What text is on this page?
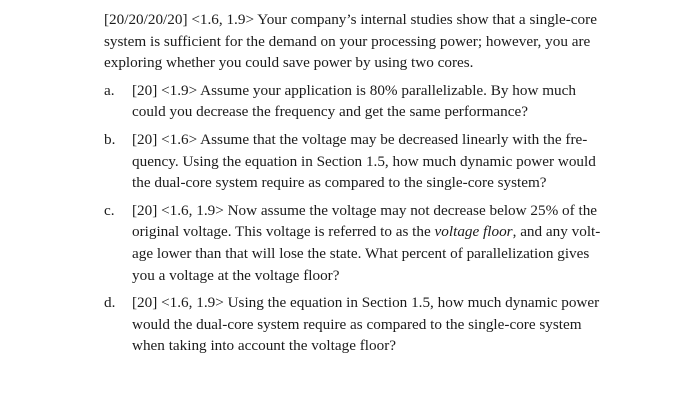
[20/20/20/20] <1.6, 1.9> Your company’s internal studies show that a single-core
system is sufficient for the demand on your processing power; however, you are
exploring whether you could save power by using two cores.
a. [20] <1.9> Assume your application is 80% parallelizable. By how much
could you decrease the frequency and get the same performance?
b. [20] <1.6> Assume that the voltage may be decreased linearly with the fre-
quency. Using the equation in Section 1.5, how much dynamic power would
the dual-core system require as compared to the single-core system?
c. [20] <1.6, 1.9> Now assume the voltage may not decrease below 25% of the
original voltage. This voltage is referred to as the voltage floor, and any volt-
age lower than that will lose the state. What percent of parallelization gives
you a voltage at the voltage floor?
d. [20] <1.6, 1.9> Using the equation in Section 1.5, how much dynamic power
would the dual-core system require as compared to the single-core system
when taking into account the voltage floor?
